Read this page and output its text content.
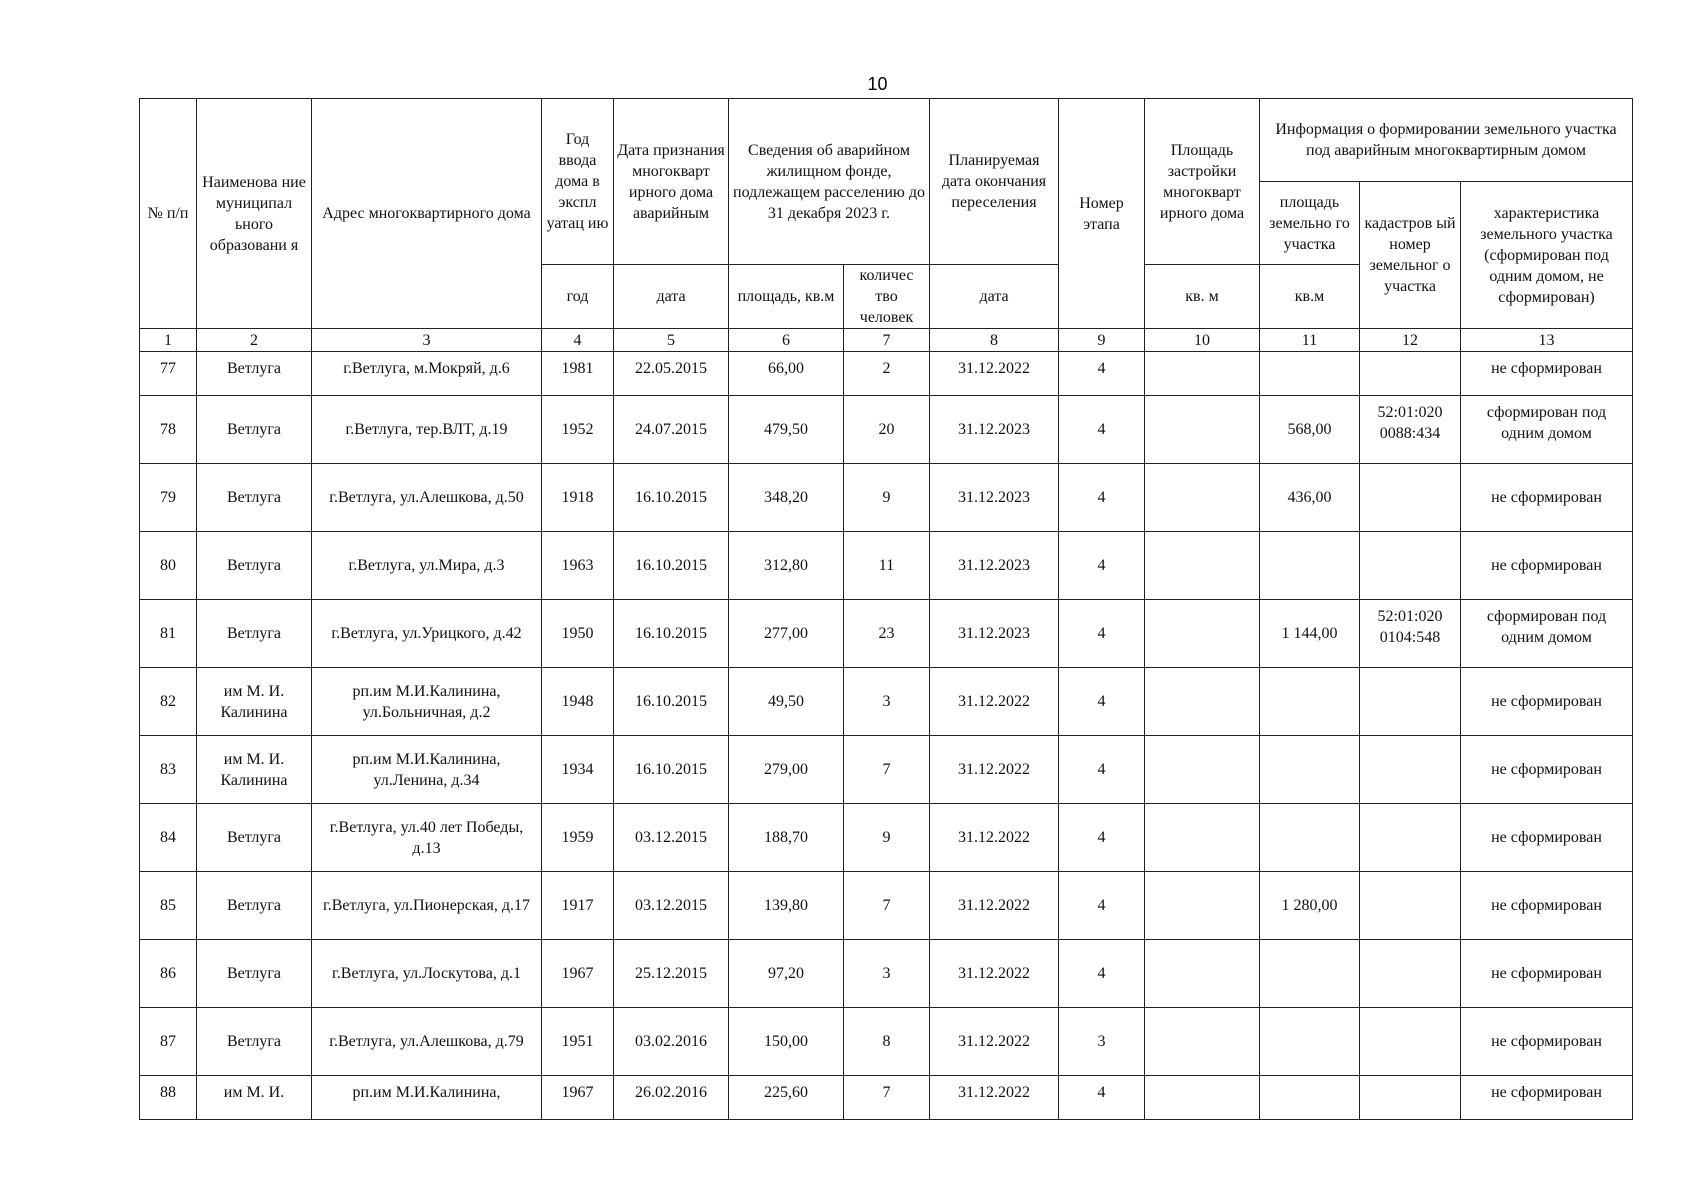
10
№ п/п	Наименова ние муниципал ьного образовани я	Адрес многоквартирного дома	Год ввода дома в экспл уатац ию	Дата признания многокварт ирного дома аварийным	Сведения об аварийном жилищном фонде, подлежащем расселению до 31 декабря 2023 г.		Планируемая дата окончания переселения	Номер этапа	Площадь застройки многокварт ирного дома	Информация о формировании земельного участка под аварийным многоквартирным домом		
										площадь земельно го участка	кадастров ый номер земельног о участка	характеристика земельного участка (сформирован под одним домом, не сформирован)
			год	дата	площадь, кв.м	количес тво человек	дата		кв. м	кв.м		
1	2	3	4	5	6	7	8	9	10	11	12	13
77	Ветлуга	г.Ветлуга, м.Мокряй, д.6	1981	22.05.2015	66,00	2	31.12.2022	4				не сформирован
78	Ветлуга	г.Ветлуга, тер.ВЛТ, д.19	1952	24.07.2015	479,50	20	31.12.2023	4		568,00	52:01:020 0088:434	сформирован под одним домом
79	Ветлуга	г.Ветлуга, ул.Алешкова, д.50	1918	16.10.2015	348,20	9	31.12.2023	4		436,00		не сформирован
80	Ветлуга	г.Ветлуга, ул.Мира, д.3	1963	16.10.2015	312,80	11	31.12.2023	4				не сформирован
81	Ветлуга	г.Ветлуга, ул.Урицкого, д.42	1950	16.10.2015	277,00	23	31.12.2023	4		1 144,00	52:01:020 0104:548	сформирован под одним домом
82	им М. И. Калинина	рп.им М.И.Калинина, ул.Больничная, д.2	1948	16.10.2015	49,50	3	31.12.2022	4				не сформирован
83	им М. И. Калинина	рп.им М.И.Калинина, ул.Ленина, д.34	1934	16.10.2015	279,00	7	31.12.2022	4				не сформирован
84	Ветлуга	г.Ветлуга, ул.40 лет Победы, д.13	1959	03.12.2015	188,70	9	31.12.2022	4				не сформирован
85	Ветлуга	г.Ветлуга, ул.Пионерская, д.17	1917	03.12.2015	139,80	7	31.12.2022	4		1 280,00		не сформирован
86	Ветлуга	г.Ветлуга, ул.Лоскутова, д.1	1967	25.12.2015	97,20	3	31.12.2022	4				не сформирован
87	Ветлуга	г.Ветлуга, ул.Алешкова, д.79	1951	03.02.2016	150,00	8	31.12.2022	3				не сформирован
88	им М. И.	рп.им М.И.Калинина,	1967	26.02.2016	225,60	7	31.12.2022	4				не сформирован
